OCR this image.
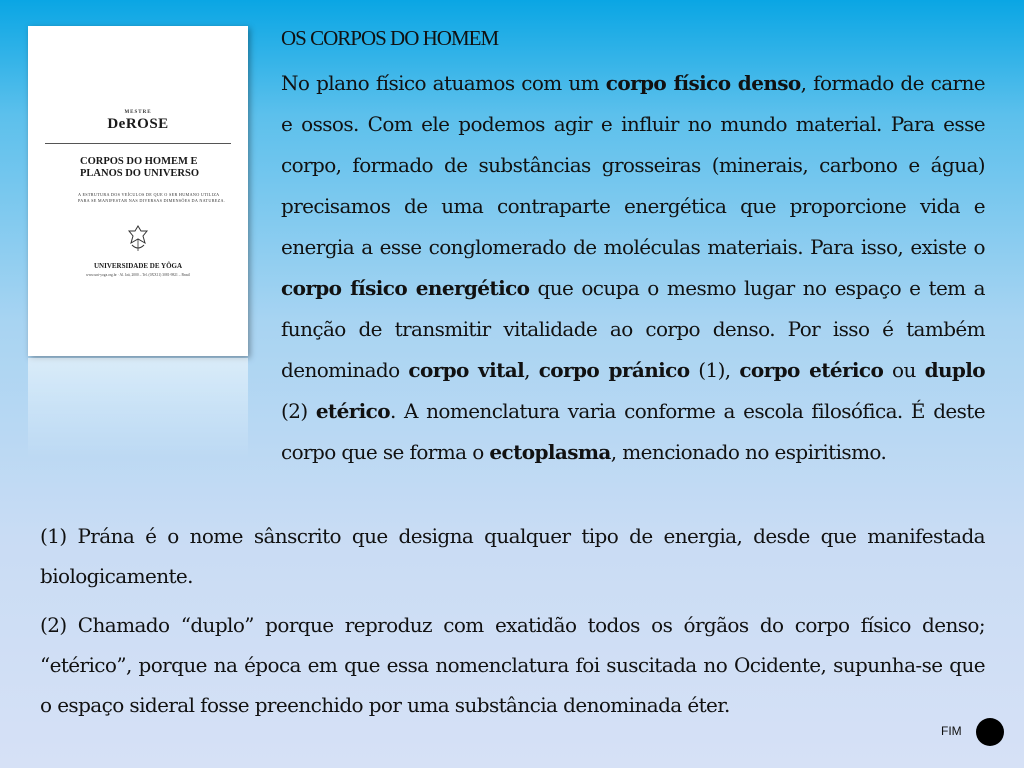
MESTRE
DeROSE
CORPOS DO HOMEM E
PLANOS DO UNIVERSO
A ESTRUTURA DOS VEÍCULOS DE QUE O SER HUMANO UTILIZA PARA SE MANIFESTAR NAS DIVERSAS DIMENSÕES DA NATUREZA.
UNIVERSIDADE DE YÔGA
www.uni-yoga.org.br · Al. Jaú, 2000 – Tel. (0XX11) 3081-9821 – Brasil
OS CORPOS DO HOMEM
No plano físico atuamos com um corpo físico denso, formado de carne e ossos. Com ele podemos agir e influir no mundo material. Para esse corpo, formado de substâncias grosseiras (minerais, carbono e água) precisamos de uma contraparte energética que proporcione vida e energia a esse conglomerado de moléculas materiais. Para isso, existe o corpo físico energético que ocupa o mesmo lugar no espaço e tem a função de transmitir vitalidade ao corpo denso. Por isso é também denominado corpo vital, corpo pránico (1), corpo etérico ou duplo (2) etérico. A nomenclatura varia conforme a escola filosófica. É deste corpo que se forma o ectoplasma, mencionado no espiritismo.
(1) Prána é o nome sânscrito que designa qualquer tipo de energia, desde que manifestada biologicamente.
(2) Chamado “duplo” porque reproduz com exatidão todos os órgãos do corpo físico denso; “etérico”, porque na época em que essa nomenclatura foi suscitada no Ocidente, supunha-se que o espaço sideral fosse preenchido por uma substância denominada éter.
FIM
